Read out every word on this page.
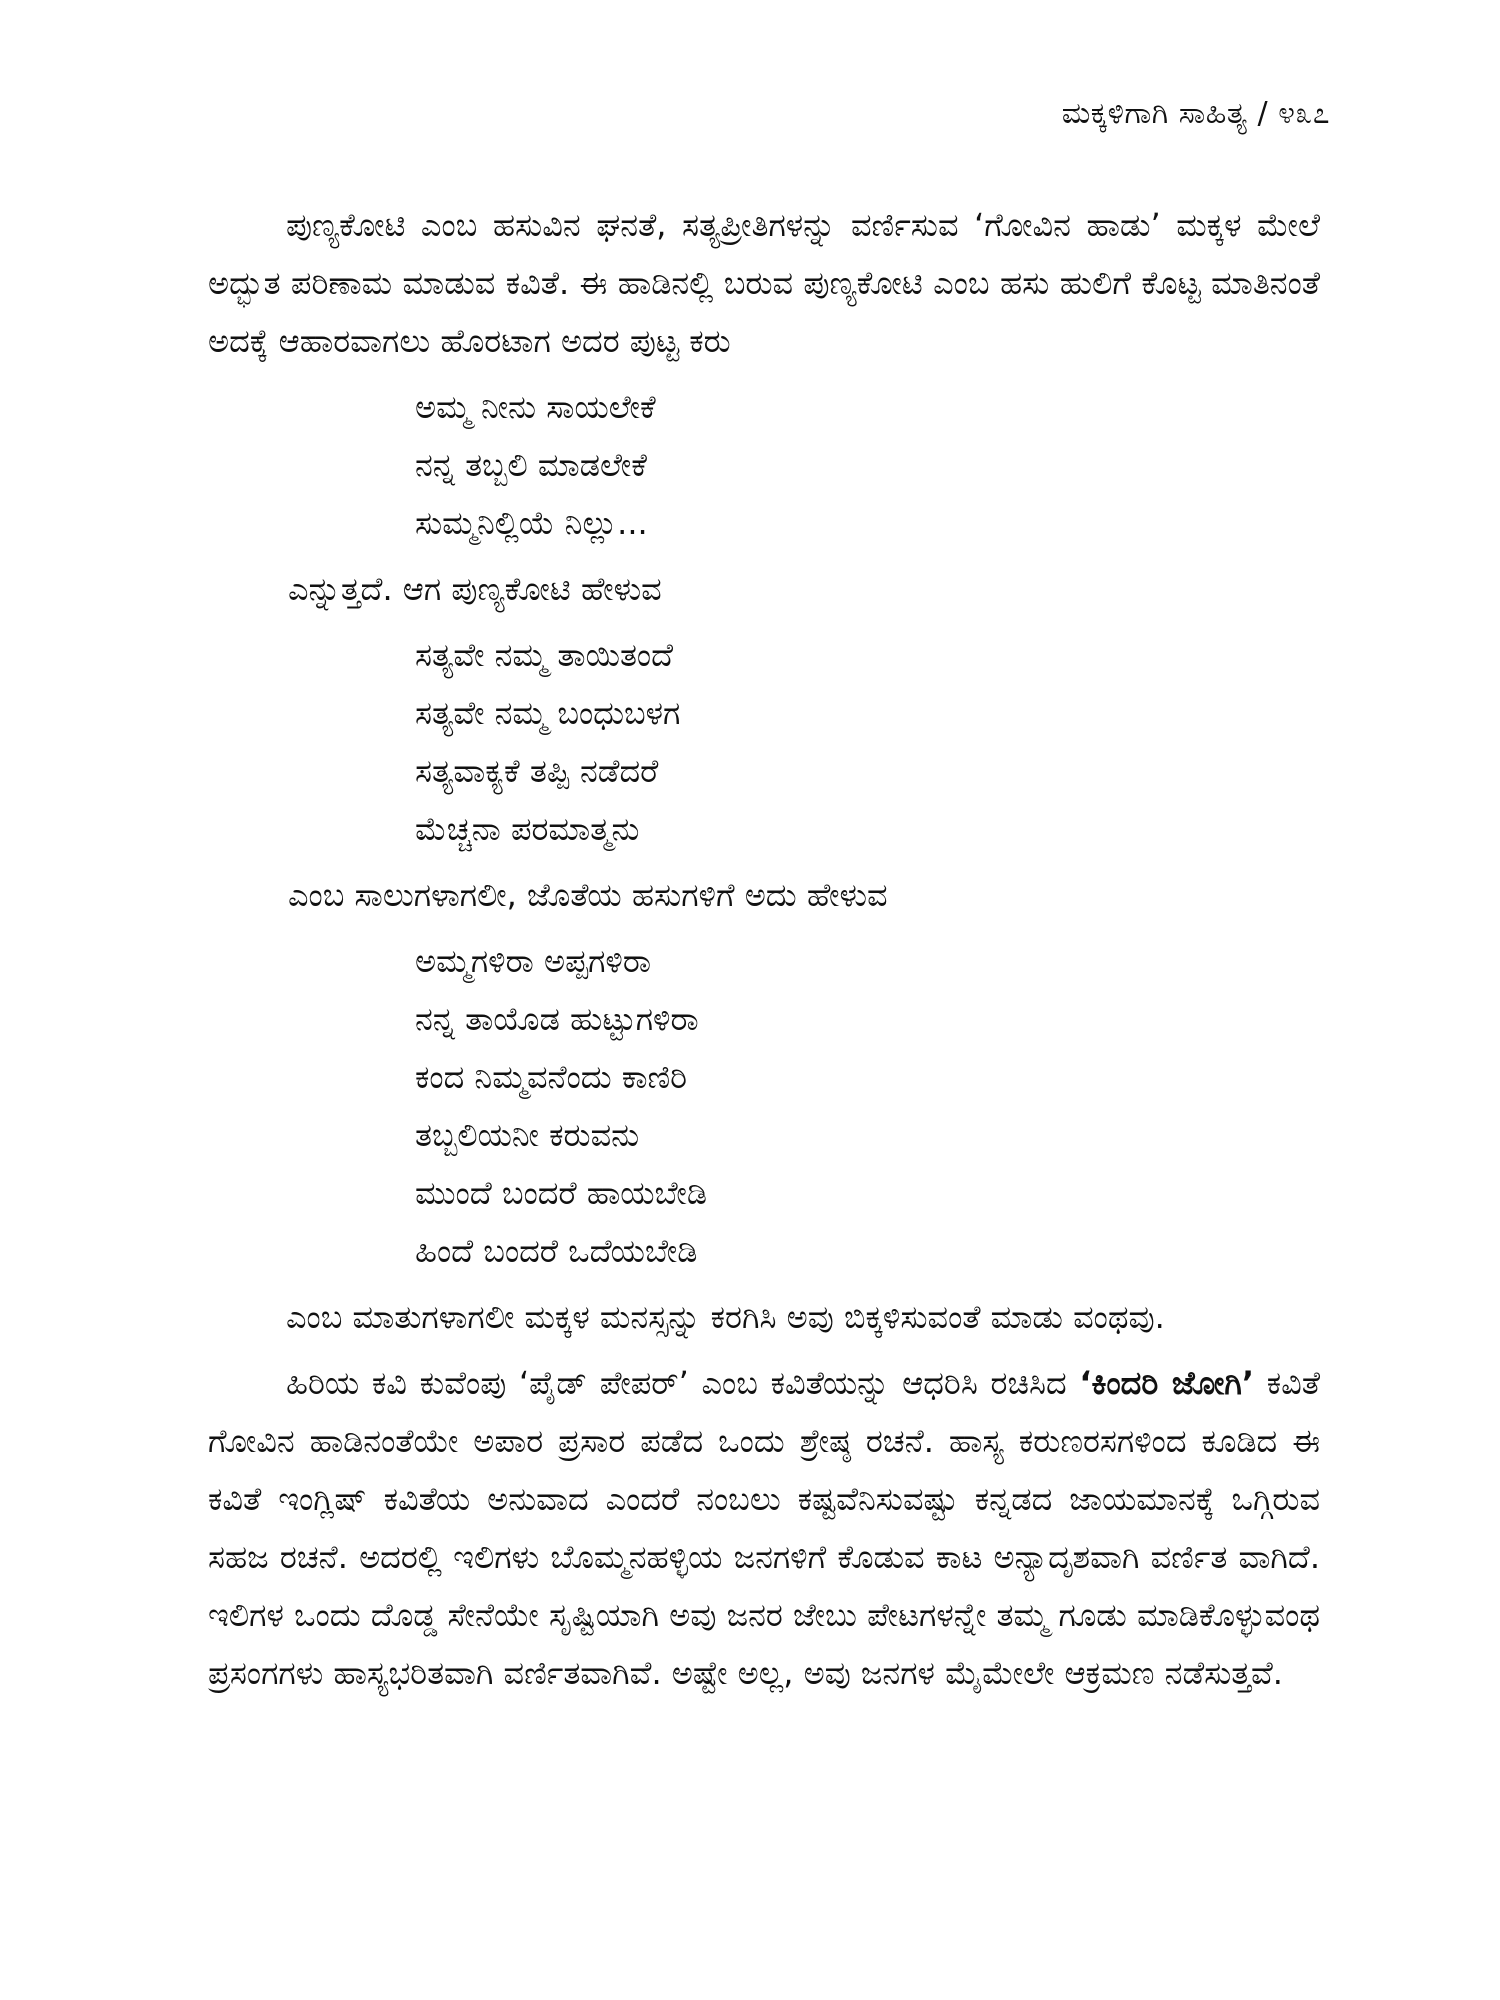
ಮಕ್ಕಳಿಗಾಗಿ ಸಾಹಿತ್ಯ / ೪೩೭

ಪುಣ್ಯಕೋಟಿ ಎಂಬ ಹಸುವಿನ ಘನತೆ, ಸತ್ಯಪ್ರೀತಿಗಳನ್ನು ವರ್ಣಿಸುವ ‘ಗೋವಿನ ಹಾಡು’ ಮಕ್ಕಳ ಮೇಲೆ ಅದ್ಭುತ ಪರಿಣಾಮ ಮಾಡುವ ಕವಿತೆ. ಈ ಹಾಡಿನಲ್ಲಿ ಬರುವ ಪುಣ್ಯಕೋಟಿ ಎಂಬ ಹಸು ಹುಲಿಗೆ ಕೊಟ್ಟ ಮಾತಿನಂತೆ ಅದಕ್ಕೆ ಆಹಾರವಾಗಲು ಹೊರಟಾಗ ಅದರ ಪುಟ್ಟ ಕರು

ಅಮ್ಮ ನೀನು ಸಾಯಲೇಕೆ
ನನ್ನ ತಬ್ಬಲಿ ಮಾಡಲೇಕೆ
ಸುಮ್ಮನಿಲ್ಲಿಯೆ ನಿಲ್ಲು...

ಎನ್ನುತ್ತದೆ. ಆಗ ಪುಣ್ಯಕೋಟಿ ಹೇಳುವ

ಸತ್ಯವೇ ನಮ್ಮ ತಾಯಿತಂದೆ
ಸತ್ಯವೇ ನಮ್ಮ ಬಂಧುಬಳಗ
ಸತ್ಯವಾಕ್ಯಕೆ ತಪ್ಪಿ ನಡೆದರೆ
ಮೆಚ್ಚನಾ ಪರಮಾತ್ಮನು

ಎಂಬ ಸಾಲುಗಳಾಗಲೀ, ಜೊತೆಯ ಹಸುಗಳಿಗೆ ಅದು ಹೇಳುವ

ಅಮ್ಮಗಳಿರಾ ಅಪ್ಪಗಳಿರಾ
ನನ್ನ ತಾಯೊಡ ಹುಟ್ಟುಗಳಿರಾ
ಕಂದ ನಿಮ್ಮವನೆಂದು ಕಾಣಿರಿ
ತಬ್ಬಲಿಯನೀ ಕರುವನು
ಮುಂದೆ ಬಂದರೆ ಹಾಯಬೇಡಿ
ಹಿಂದೆ ಬಂದರೆ ಒದೆಯಬೇಡಿ

ಎಂಬ ಮಾತುಗಳಾಗಲೀ ಮಕ್ಕಳ ಮನಸ್ಸನ್ನು ಕರಗಿಸಿ ಅವು ಬಿಕ್ಕಳಿಸುವಂತೆ ಮಾಡು ವಂಥವು.

ಹಿರಿಯ ಕವಿ ಕುವೆಂಪು ‘ಪೈಡ್ ಪೇಪರ್’ ಎಂಬ ಕವಿತೆಯನ್ನು ಆಧರಿಸಿ ರಚಿಸಿದ ‘ಕಿಂದರಿ ಜೋಗಿ’ ಕವಿತೆ ಗೋವಿನ ಹಾಡಿನಂತೆಯೇ ಅಪಾರ ಪ್ರಸಾರ ಪಡೆದ ಒಂದು ಶ್ರೇಷ್ಠ ರಚನೆ. ಹಾಸ್ಯ ಕರುಣರಸಗಳಿಂದ ಕೂಡಿದ ಈ ಕವಿತೆ ಇಂಗ್ಲಿಷ್ ಕವಿತೆಯ ಅನುವಾದ ಎಂದರೆ ನಂಬಲು ಕಷ್ಟವೆನಿಸುವಷ್ಟು ಕನ್ನಡದ ಜಾಯಮಾನಕ್ಕೆ ಒಗ್ಗಿರುವ ಸಹಜ ರಚನೆ. ಅದರಲ್ಲಿ ಇಲಿಗಳು ಬೊಮ್ಮನಹಳ್ಳಿಯ ಜನಗಳಿಗೆ ಕೊಡುವ ಕಾಟ ಅನ್ಯಾದೃಶವಾಗಿ ವರ್ಣಿತ ವಾಗಿದೆ. ಇಲಿಗಳ ಒಂದು ದೊಡ್ಡ ಸೇನೆಯೇ ಸೃಷ್ಟಿಯಾಗಿ ಅವು ಜನರ ಜೇಬು ಪೇಟಗಳನ್ನೇ ತಮ್ಮ ಗೂಡು ಮಾಡಿಕೊಳ್ಳುವಂಥ ಪ್ರಸಂಗಗಳು ಹಾಸ್ಯಭರಿತವಾಗಿ ವರ್ಣಿತವಾಗಿವೆ. ಅಷ್ಟೇ ಅಲ್ಲ, ಅವು ಜನಗಳ ಮೈಮೇಲೇ ಆಕ್ರಮಣ ನಡೆಸುತ್ತವೆ.
